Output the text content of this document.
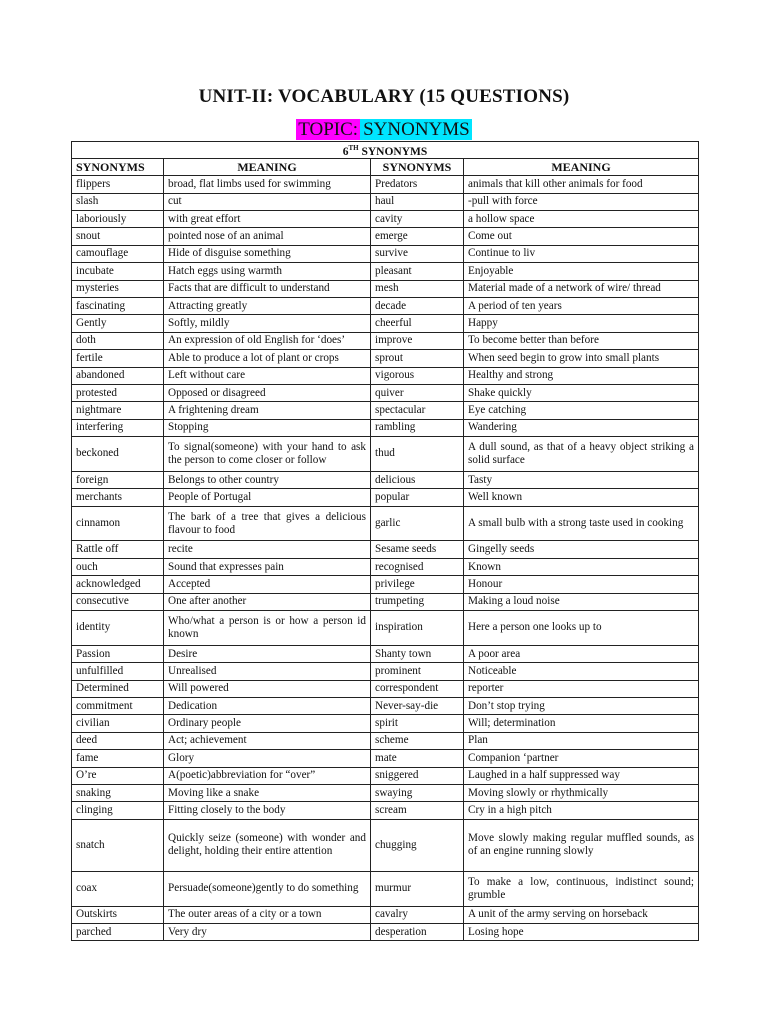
UNIT-II: VOCABULARY (15 QUESTIONS)
TOPIC: SYNONYMS
6TH SYNONYMS			
SYNONYMS	MEANING	SYNONYMS	MEANING
flippers	broad, flat limbs used for swimming	Predators	animals that kill other animals for food
slash	cut	haul	-pull with force
laboriously	with great effort	cavity	a hollow space
snout	pointed nose of an animal	emerge	Come out
camouflage	Hide of disguise something	survive	Continue to liv
incubate	Hatch eggs using warmth	pleasant	Enjoyable
mysteries	Facts that are difficult to understand	mesh	Material made of a network of wire/ thread
fascinating	Attracting greatly	decade	A period of ten years
Gently	Softly, mildly	cheerful	Happy
doth	An expression of old English for ‘does’	improve	To become better than before
fertile	Able to produce a lot of plant or crops	sprout	When seed begin to grow into small plants
abandoned	Left without care	vigorous	Healthy and strong
protested	Opposed or disagreed	quiver	Shake quickly
nightmare	A frightening dream	spectacular	Eye catching
interfering	Stopping	rambling	Wandering
beckoned	To signal(someone) with your hand to ask the person to come closer or follow	thud	A dull sound, as that of a heavy object striking a solid surface
foreign	Belongs to other country	delicious	Tasty
merchants	People of Portugal	popular	Well known
cinnamon	The bark of a tree that gives a delicious flavour to food	garlic	A small bulb with a strong taste used in cooking
Rattle off	recite	Sesame seeds	Gingelly seeds
ouch	Sound that expresses pain	recognised	Known
acknowledged	Accepted	privilege	Honour
consecutive	One after another	trumpeting	Making a loud noise
identity	Who/what a person is or how a person id known	inspiration	Here a person one looks up to
Passion	Desire	Shanty town	A poor area
unfulfilled	Unrealised	prominent	Noticeable
Determined	Will powered	correspondent	reporter
commitment	Dedication	Never-say-die	Don’t stop trying
civilian	Ordinary people	spirit	Will; determination
deed	Act; achievement	scheme	Plan
fame	Glory	mate	Companion ‘partner
O’re	A(poetic)abbreviation for “over”	sniggered	Laughed in a half suppressed way
snaking	Moving like a snake	swaying	Moving slowly or rhythmically
clinging	Fitting closely to the body	scream	Cry in a high pitch
snatch	Quickly seize (someone) with wonder and delight, holding their entire attention	chugging	Move slowly making regular muffled sounds, as of an engine running slowly
coax	Persuade(someone)gently to do something	murmur	To make a low, continuous, indistinct sound; grumble
Outskirts	The outer areas of a city or a town	cavalry	A unit of the army serving on horseback
parched	Very dry	desperation	Losing hope
